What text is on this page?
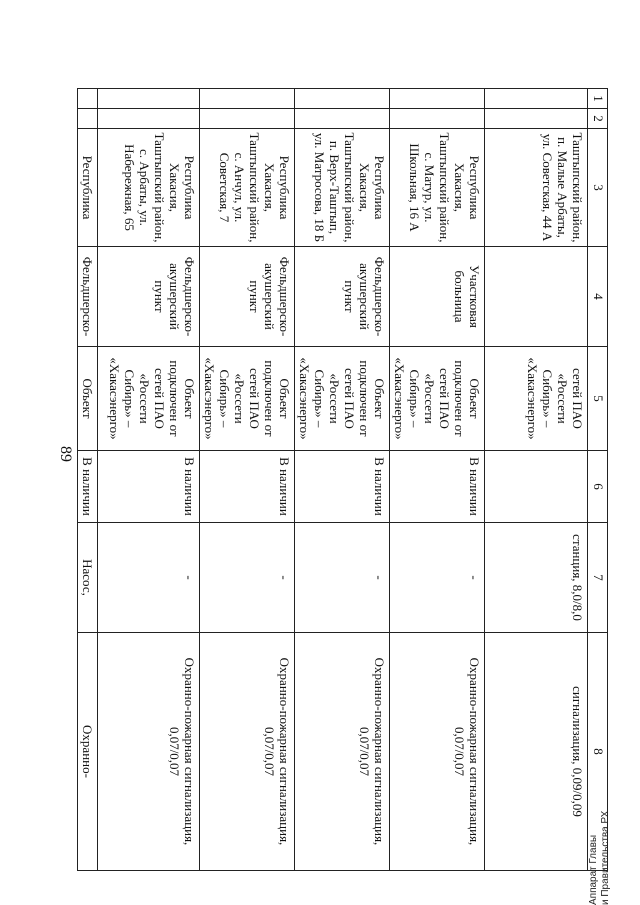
89
1	2	3	4	5	6	7	8
		Таштыпский район, п. Малые Арбаты, ул. Советская, 44 А		сетей ПАО «Россети Сибирь» – «Хакасэнерго»		станция, 8,0/8,0	сигнализация, 0,09/0,09
		Республика Хакасия, Таштыпский район, с. Матур, ул. Школьная, 16 А	Участковая больница	Объект подключен от сетей ПАО «Россети Сибирь» – «Хакасэнерго»	В наличии	-	Охранно-пожарная сигнализация, 0,07/0,07
		Республика Хакасия, Таштыпский район, п. Верх-Таштып, ул. Матросова, 18 Б	Фельдшерско-акушерский пункт	Объект подключен от сетей ПАО «Россети Сибирь» – «Хакасэнерго»	В наличии	-	Охранно-пожарная сигнализация, 0,07/0,07
		Республика Хакасия, Таштыпский район, с. Анчул, ул. Советская, 7	Фельдшерско-акушерский пункт	Объект подключен от сетей ПАО «Россети Сибирь» – «Хакасэнерго»	В наличии	-	Охранно-пожарная сигнализация, 0,07/0,07
		Республика Хакасия, Таштыпский район, с. Арбаты, ул. Набережная, 65	Фельдшерско-акушерский пункт	Объект подключен от сетей ПАО «Россети Сибирь» – «Хакасэнерго»	В наличии	-	Охранно-пожарная сигнализация, 0,07/0,07
		Республика	Фельдшерско-	Объект	В наличии	Насос,	Охранно-
Аппарат Главы и Правительства РХ
